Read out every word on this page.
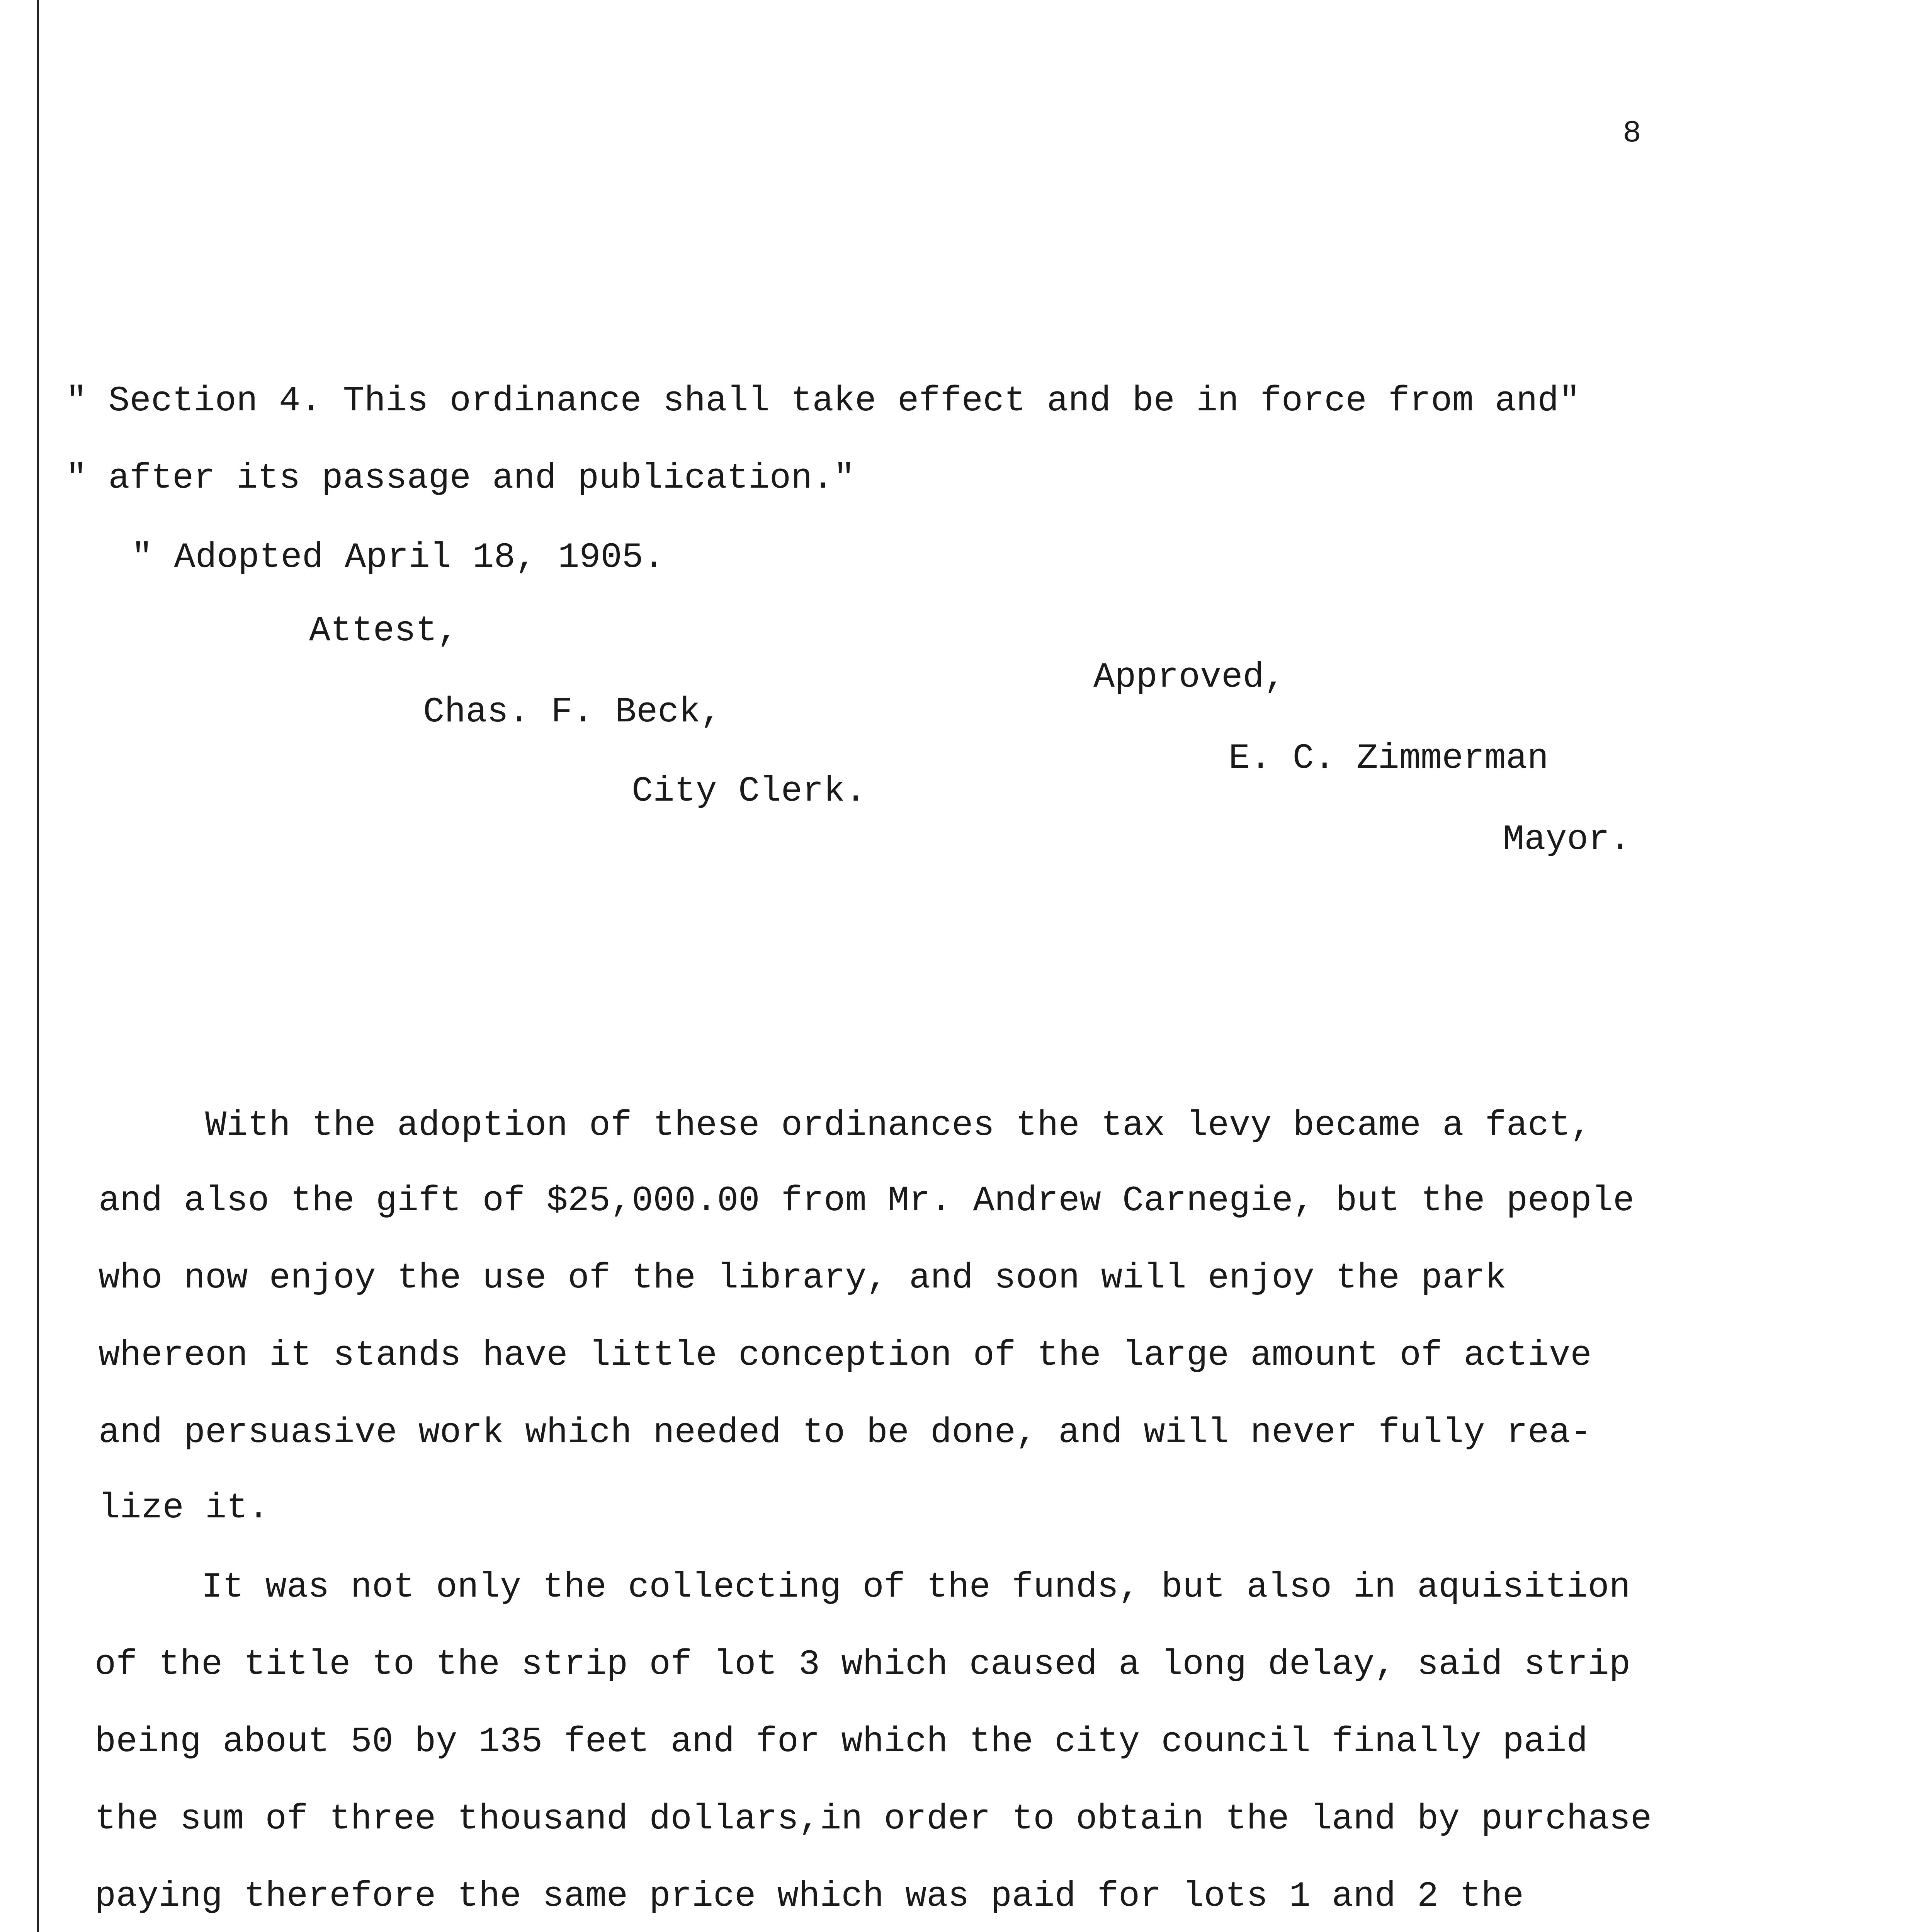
8
" Section 4. This ordinance shall take effect and be in force from and"
" after its passage and publication."
" Adopted April 18, 1905.
Attest,
Chas. F. Beck,
City Clerk.
Approved,
E. C. Zimmerman
Mayor.
With the adoption of these ordinances the tax levy became a fact,
and also the gift of $25,000.00 from Mr. Andrew Carnegie, but the people
who now enjoy the use of the library, and soon will enjoy the park
whereon it stands have little conception of the large amount of active
and persuasive work which needed to be done, and will never fully rea-
lize it.
It was not only the collecting of the funds, but also in aquisition
of the title to the strip of lot 3 which caused a long delay, said strip
being about 50 by 135 feet and for which the city council finally paid
the sum of three thousand dollars,in order to obtain the land by purchase
paying therefore the same price which was paid for lots 1 and 2 the
